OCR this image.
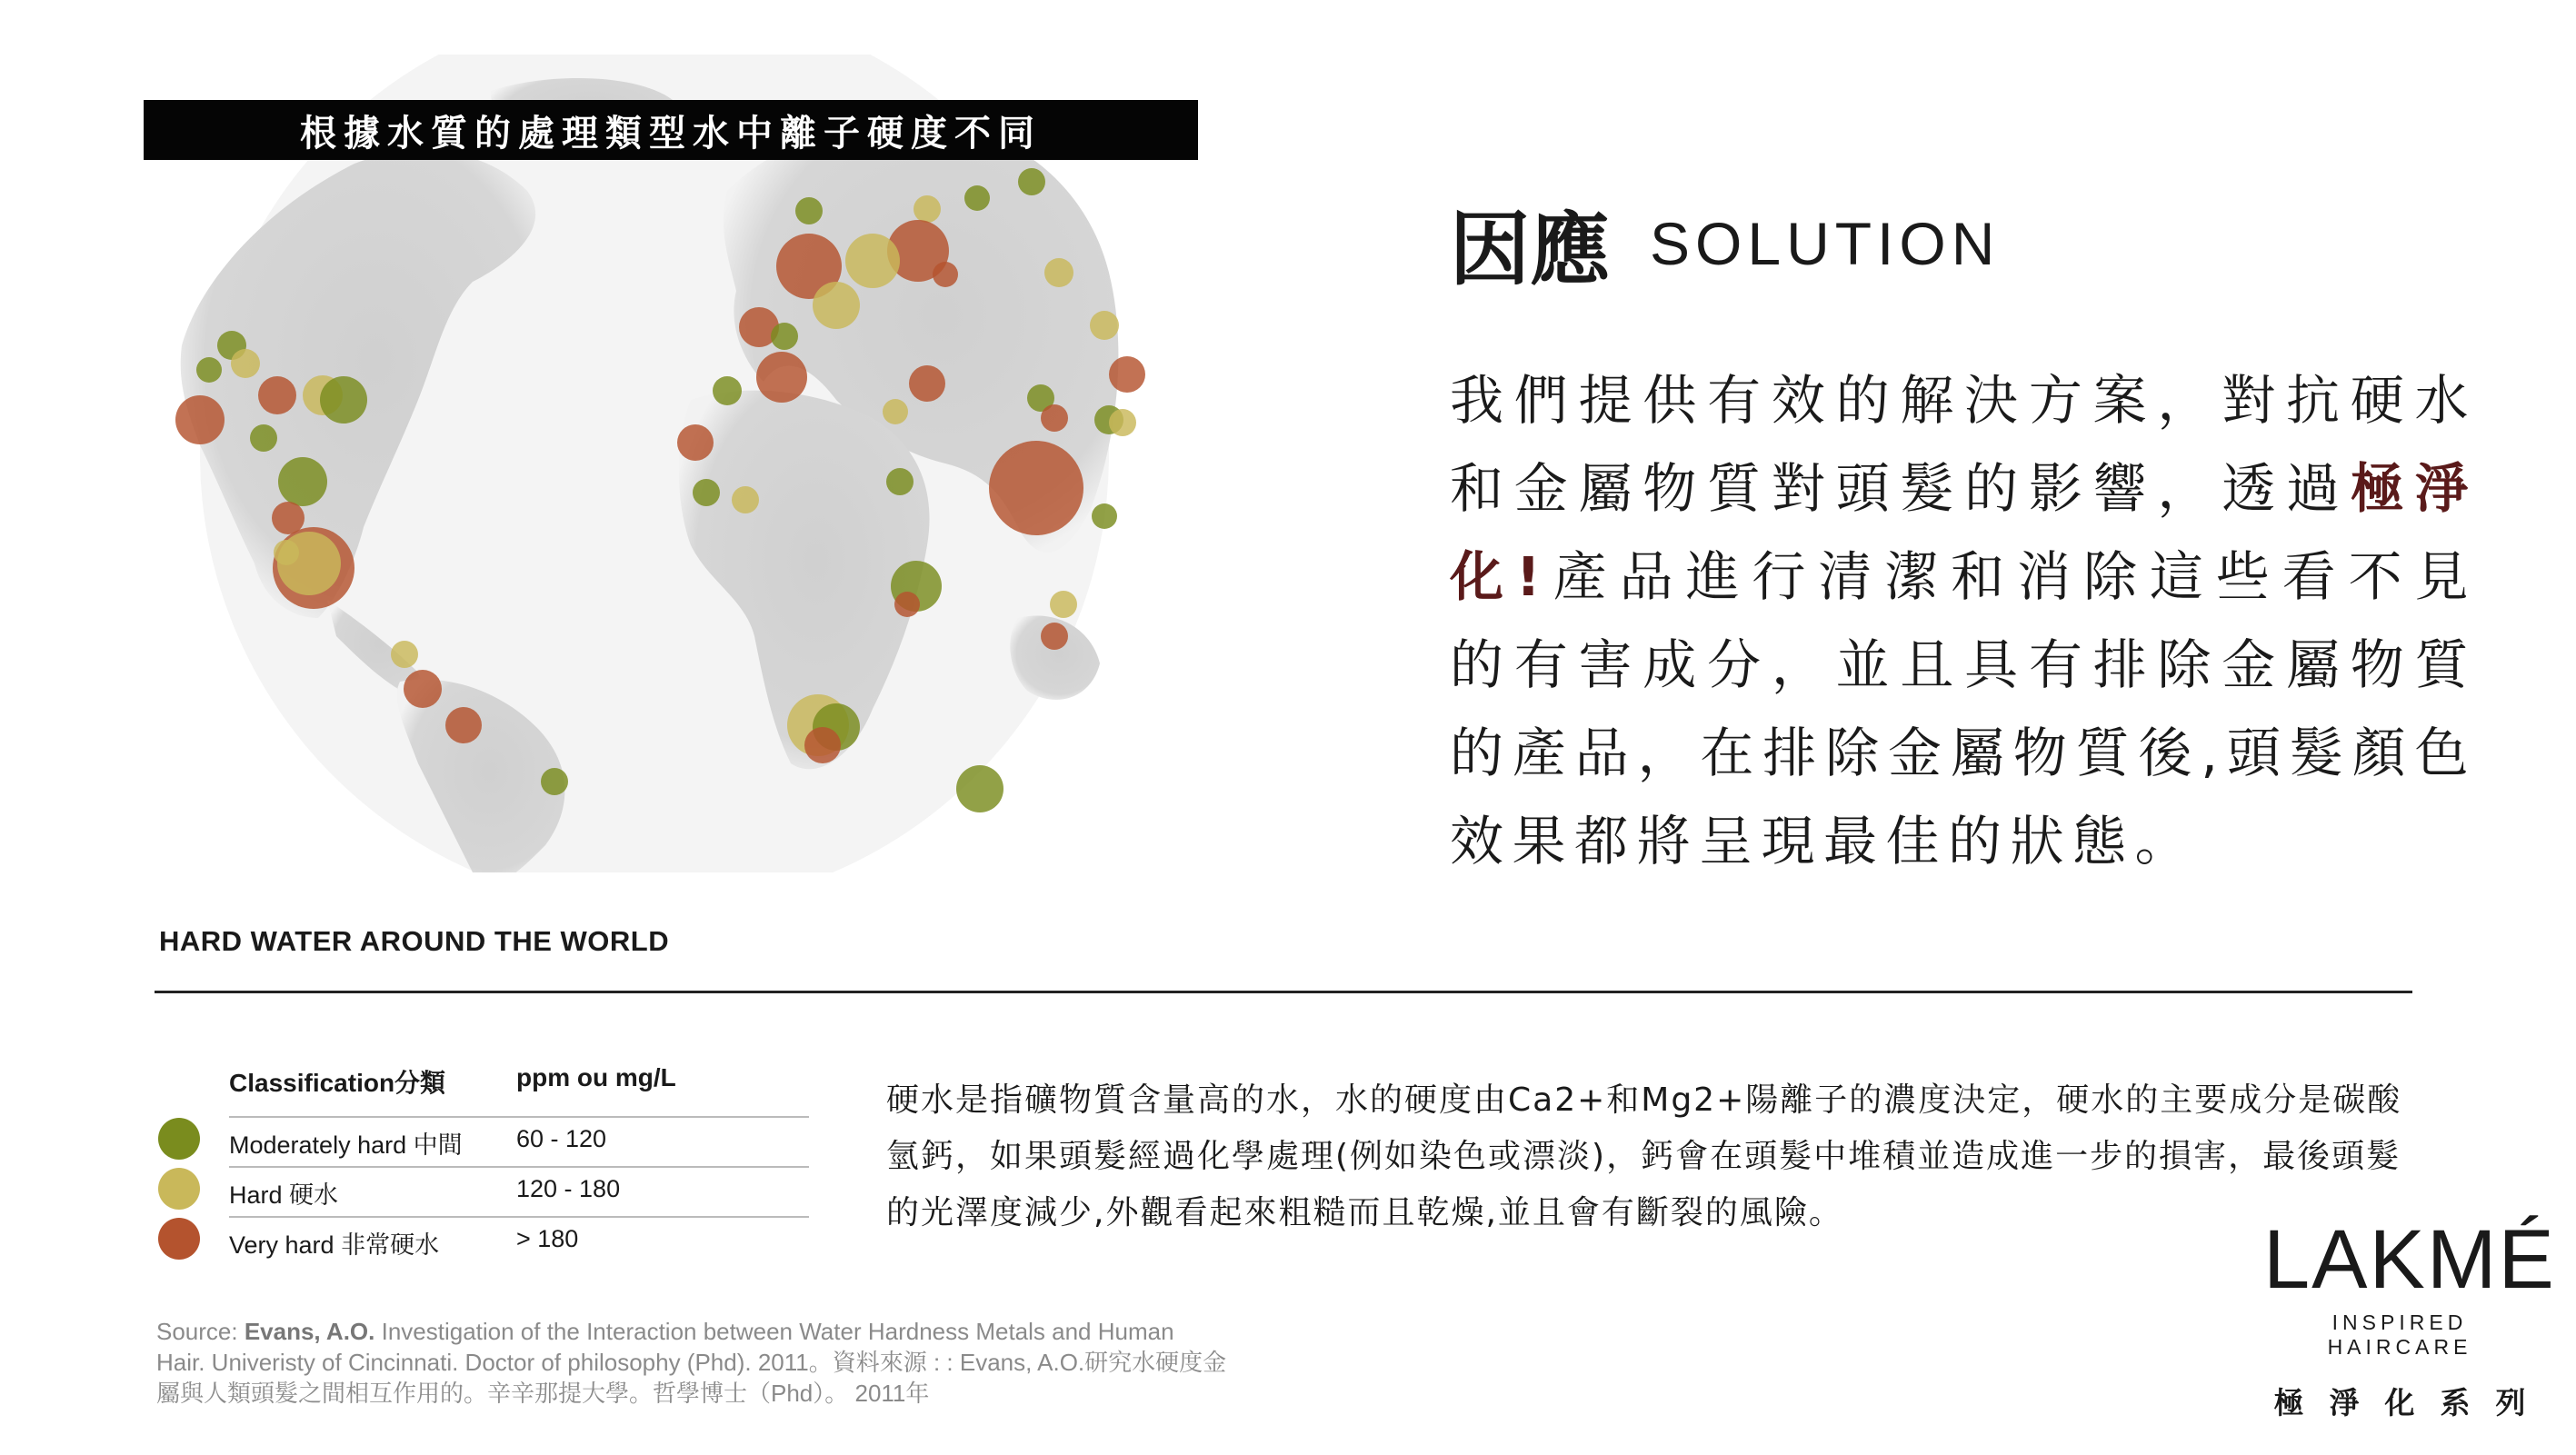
根據水質的處理類型水中離子硬度不同
HARD WATER AROUND THE WORLD
因應 SOLUTION
我們提供有效的解決方案，對抗硬水和金屬物質對頭髮的影響，透過極淨化!產品進行清潔和消除這些看不見的有害成分，並且具有排除金屬物質的產品，在排除金屬物質後,頭髮顏色效果都將呈現最佳的狀態。
Classification分類	ppm ou mg/L
Moderately hard 中間 60 - 120
Hard 硬水	120 - 180
Very hard 非常硬水	> 180
硬水是指礦物質含量高的水，水的硬度由Ca2+和Mg2+陽離子的濃度決定，硬水的主要成分是碳酸氫鈣，如果頭髮經過化學處理(例如染色或漂淡)，鈣會在頭髮中堆積並造成進一步的損害，最後頭髮的光澤度減少,外觀看起來粗糙而且乾燥,並且會有斷裂的風險。
Source: Evans, A.O. Investigation of the Interaction between Water Hardness Metals and Human Hair. Univeristy of Cincinnati. Doctor of philosophy (Phd). 2011。資料來源 : : Evans, A.O.研究水硬度金屬與人類頭髮之間相互作用的。辛辛那提大學。哲學博士（Phd）。 2011年
LAKMÉ
INSPIRED HAIRCARE
極淨化系列
